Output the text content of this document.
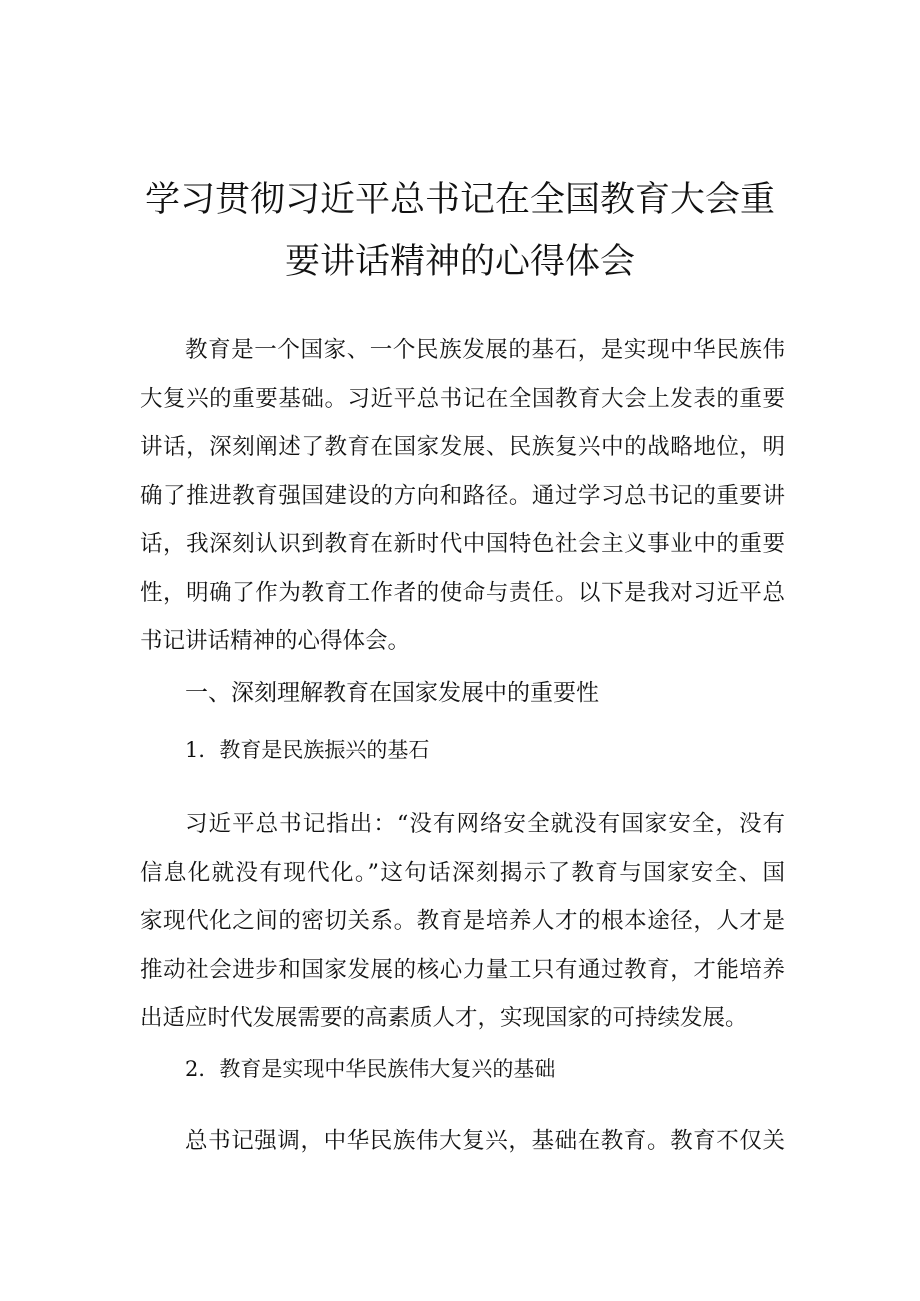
学习贯彻习近平总书记在全国教育大会重
要讲话精神的心得体会
教育是一个国家、一个民族发展的基石，是实现中华民族伟
大复兴的重要基础。习近平总书记在全国教育大会上发表的重要
讲话，深刻阐述了教育在国家发展、民族复兴中的战略地位，明
确了推进教育强国建设的方向和路径。通过学习总书记的重要讲
话，我深刻认识到教育在新时代中国特色社会主义事业中的重要
性，明确了作为教育工作者的使命与责任。以下是我对习近平总
书记讲话精神的心得体会。
一、深刻理解教育在国家发展中的重要性
1．教育是民族振兴的基石
习近平总书记指出：“没有网络安全就没有国家安全，没有
信息化就没有现代化。”这句话深刻揭示了教育与国家安全、国
家现代化之间的密切关系。教育是培养人才的根本途径，人才是
推动社会进步和国家发展的核心力量工只有通过教育，才能培养
出适应时代发展需要的高素质人才，实现国家的可持续发展。
2．教育是实现中华民族伟大复兴的基础
总书记强调，中华民族伟大复兴，基础在教育。教育不仅关
